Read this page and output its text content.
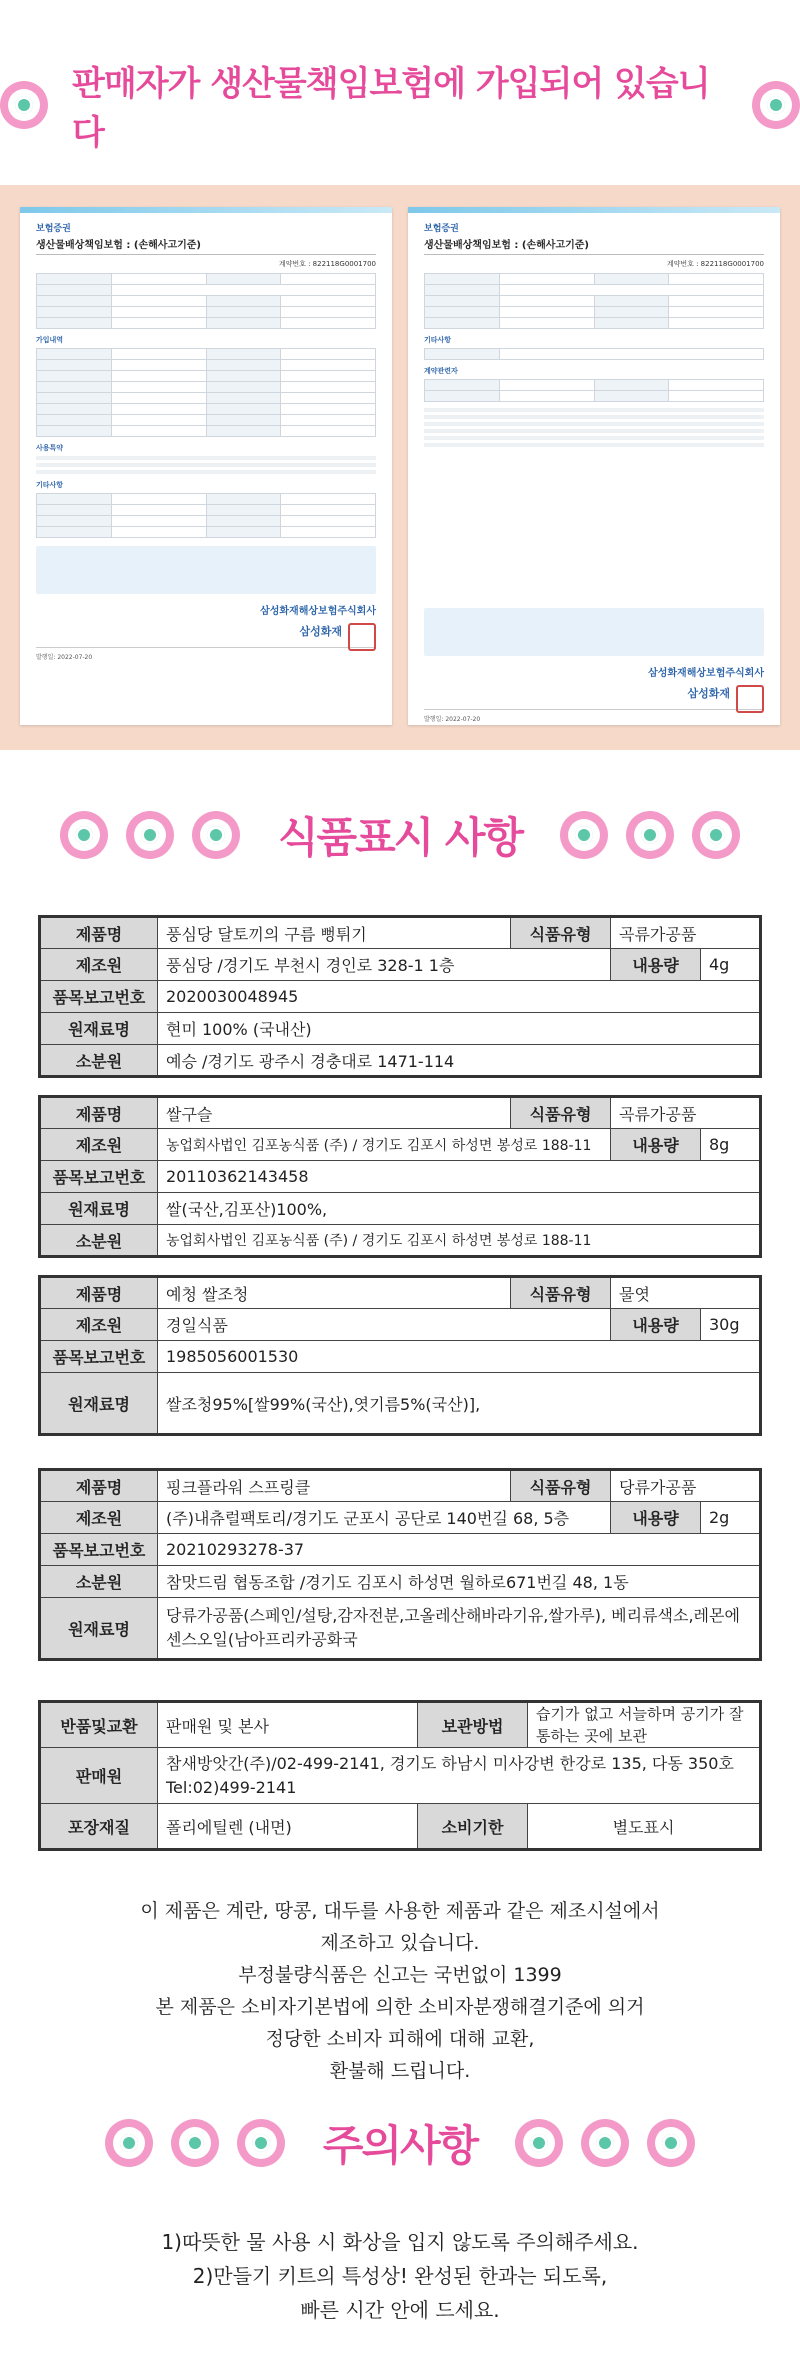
판매자가 생산물책임보험에 가입되어 있습니다
보험증권
생산물배상책임보험 : (손해사고기준)
계약번호 : 822118G0001700

가입내역

사용특약
기타사항

삼성화재해상보험주식회사
삼성화재
발행일: 2022-07-20
보험증권
생산물배상책임보험 : (손해사고기준)
계약번호 : 822118G0001700

기타사항

계약관련자

삼성화재해상보험주식회사
삼성화재
발행일: 2022-07-20
식품표시 사항
제품명	풍심당 달토끼의 구름 뻥튀기	식품유형	곡류가공품	
제조원	풍심당 /경기도 부천시 경인로 328-1 1층		내용량	4g
품목보고번호	2020030048945			
원재료명	현미 100% (국내산)			
소분원	예승 /경기도 광주시 경충대로 1471-114			
제품명	쌀구슬	식품유형	곡류가공품	
제조원	농업회사법인 김포농식품 (주) / 경기도 김포시 하성면 봉성로 188-11		내용량	8g
품목보고번호	20110362143458			
원재료명	쌀(국산,김포산)100%,			
소분원	농업회사법인 김포농식품 (주) / 경기도 김포시 하성면 봉성로 188-11			
제품명	예청 쌀조청	식품유형	물엿	
제조원	경일식품		내용량	30g
품목보고번호	1985056001530			
원재료명	쌀조청95%[쌀99%(국산),엿기름5%(국산)],			
제품명	핑크플라워 스프링클	식품유형	당류가공품	
제조원	(주)내츄럴팩토리/경기도 군포시 공단로 140번길 68, 5층		내용량	2g
품목보고번호	20210293278-37			
소분원	참맛드림 협동조합 /경기도 김포시 하성면 월하로671번길 48, 1동			
원재료명	당류가공품(스페인/설탕,감자전분,고올레산해바라기유,쌀가루), 베리류색소,레몬에센스오일(남아프리카공화국			
반품및교환	판매원 및 본사	보관방법	습기가 없고 서늘하며 공기가 잘통하는 곳에 보관
판매원	참새방앗간(주)/02-499-2141, 경기도 하남시 미사강변 한강로 135, 다동 350호 Tel:02)499-2141		
포장재질	폴리에틸렌 (내면)	소비기한	별도표시
이 제품은 계란, 땅콩, 대두를 사용한 제품과 같은 제조시설에서
제조하고 있습니다.
부정불량식품은 신고는 국번없이 1399
본 제품은 소비자기본법에 의한 소비자분쟁해결기준에 의거
정당한 소비자 피해에 대해 교환,
환불해 드립니다.
주의사항
1)따뜻한 물 사용 시 화상을 입지 않도록 주의해주세요.
2)만들기 키트의 특성상! 완성된 한과는 되도록,
빠른 시간 안에 드세요.
